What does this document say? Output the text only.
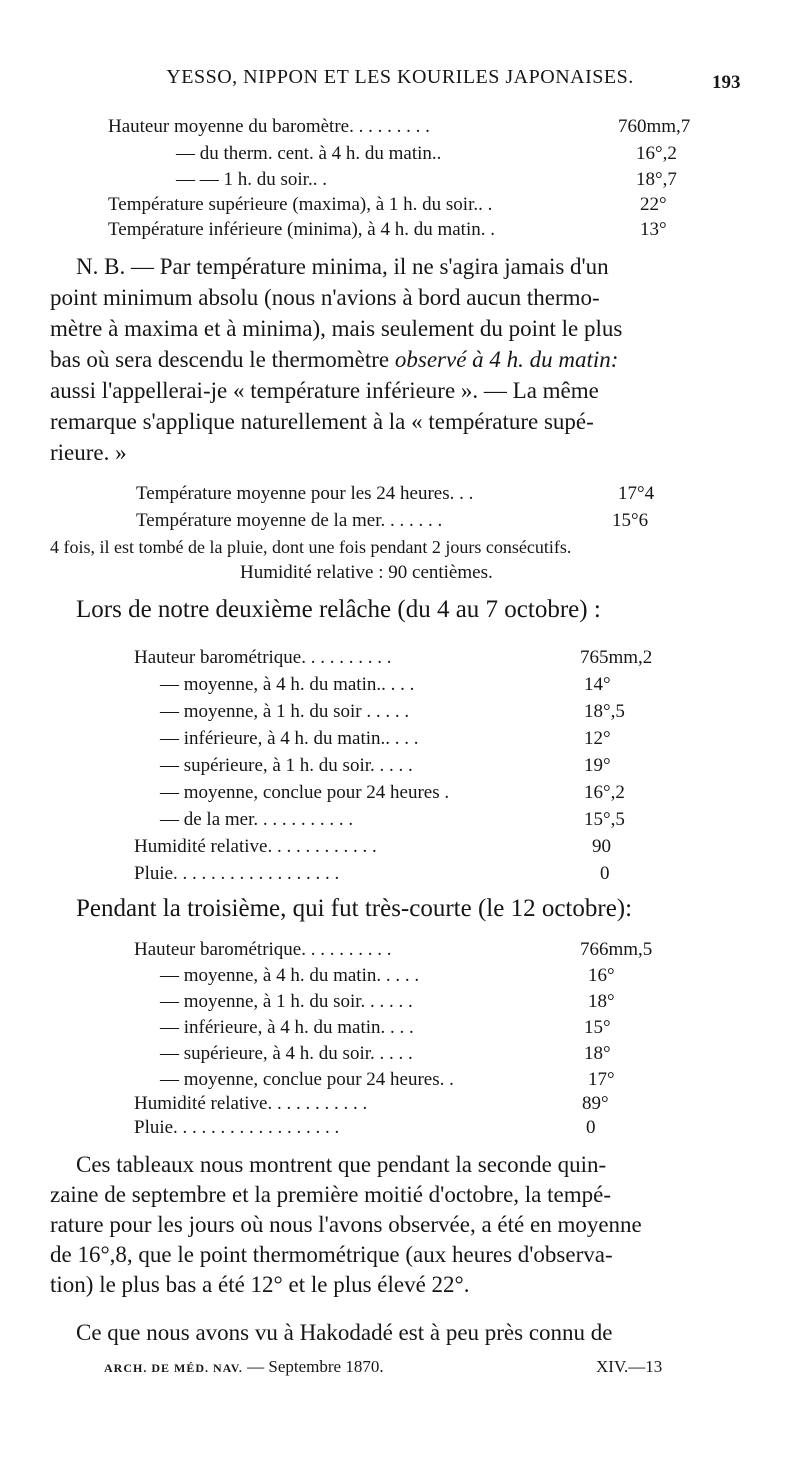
YESSO, NIPPON ET LES KOURILES JAPONAISES.	193
Hauteur moyenne du baromètre. . . . . . . . .	760mm,7
— du therm. cent. à 4 h. du matin..	16°,2
— — 1 h. du soir.. .	18°,7
Température supérieure (maxima), à 1 h. du soir.. .	22°
Température inférieure (minima), à 4 h. du matin. .	13°
N. B. — Par température minima, il ne s'agira jamais d'un
point minimum absolu (nous n'avions à bord aucun thermo-
mètre à maxima et à minima), mais seulement du point le plus
bas où sera descendu le thermomètre observé à 4 h. du matin:
aussi l'appellerai-je « température inférieure ». — La même
remarque s'applique naturellement à la « température supé-
rieure. »
Température moyenne pour les 24 heures. . .	17°4
Température moyenne de la mer. . . . . . .	15°6
4 fois, il est tombé de la pluie, dont une fois pendant 2 jours consécutifs.
Humidité relative : 90 centièmes.
Lors de notre deuxième relâche (du 4 au 7 octobre) :
Hauteur barométrique. . . . . . . . . .	765mm,2
— moyenne, à 4 h. du matin.. . . .	14°
— moyenne, à 1 h. du soir . . . . .	18°,5
— inférieure, à 4 h. du matin.. . . .	12°
— supérieure, à 1 h. du soir. . . . .	19°
— moyenne, conclue pour 24 heures .	16°,2
— de la mer. . . . . . . . . . .	15°,5
Humidité relative. . . . . . . . . . . .	90
Pluie. . . . . . . . . . . . . . . . . .	0
Pendant la troisième, qui fut très-courte (le 12 octobre):
Hauteur barométrique. . . . . . . . . .	766mm,5
— moyenne, à 4 h. du matin. . . . .	16°
— moyenne, à 1 h. du soir. . . . . .	18°
— inférieure, à 4 h. du matin. . . .	15°
— supérieure, à 4 h. du soir. . . . .	18°
— moyenne, conclue pour 24 heures. .	17°
Humidité relative. . . . . . . . . . .	89°
Pluie. . . . . . . . . . . . . . . . . .	0
Ces tableaux nous montrent que pendant la seconde quin-
zaine de septembre et la première moitié d'octobre, la tempé-
rature pour les jours où nous l'avons observée, a été en moyenne
de 16°,8, que le point thermométrique (aux heures d'observa-
tion) le plus bas a été 12° et le plus élevé 22°.
Ce que nous avons vu à Hakodadé est à peu près connu de
ARCH. DE MÉD. NAV. — Septembre 1870.	XIV.—13
